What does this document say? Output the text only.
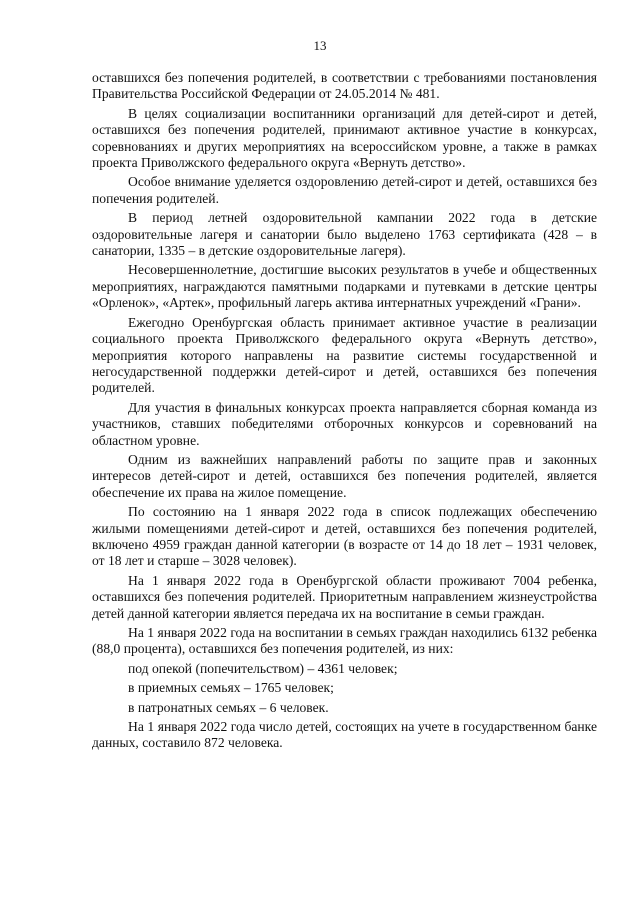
13

оставшихся без попечения родителей, в соответствии с требованиями постановления Правительства Российской Федерации от 24.05.2014 № 481.

В целях социализации воспитанники организаций для детей-сирот и детей, оставшихся без попечения родителей, принимают активное участие в конкурсах, соревнованиях и других мероприятиях на всероссийском уровне, а также в рамках проекта Приволжского федерального округа «Вернуть детство».

Особое внимание уделяется оздоровлению детей-сирот и детей, оставшихся без попечения родителей.

В период летней оздоровительной кампании 2022 года в детские оздоровительные лагеря и санатории было выделено 1763 сертификата (428 – в санатории, 1335 – в детские оздоровительные лагеря).

Несовершеннолетние, достигшие высоких результатов в учебе и общественных мероприятиях, награждаются памятными подарками и путевками в детские центры «Орленок», «Артек», профильный лагерь актива интернатных учреждений «Грани».

Ежегодно Оренбургская область принимает активное участие в реализации социального проекта Приволжского федерального округа «Вернуть детство», мероприятия которого направлены на развитие системы государственной и негосударственной поддержки детей-сирот и детей, оставшихся без попечения родителей.

Для участия в финальных конкурсах проекта направляется сборная команда из участников, ставших победителями отборочных конкурсов и соревнований на областном уровне.

Одним из важнейших направлений работы по защите прав и законных интересов детей-сирот и детей, оставшихся без попечения родителей, является обеспечение их права на жилое помещение.

По состоянию на 1 января 2022 года в список подлежащих обеспечению жилыми помещениями детей-сирот и детей, оставшихся без попечения родителей, включено 4959 граждан данной категории (в возрасте от 14 до 18 лет – 1931 человек, от 18 лет и старше – 3028 человек).

На 1 января 2022 года в Оренбургской области проживают 7004 ребенка, оставшихся без попечения родителей. Приоритетным направлением жизнеустройства детей данной категории является передача их на воспитание в семьи граждан.

На 1 января 2022 года на воспитании в семьях граждан находились 6132 ребенка (88,0 процента), оставшихся без попечения родителей, из них:

под опекой (попечительством) – 4361 человек;

в приемных семьях – 1765 человек;

в патронатных семьях – 6 человек.

На 1 января 2022 года число детей, состоящих на учете в государственном банке данных, составило 872 человека.
